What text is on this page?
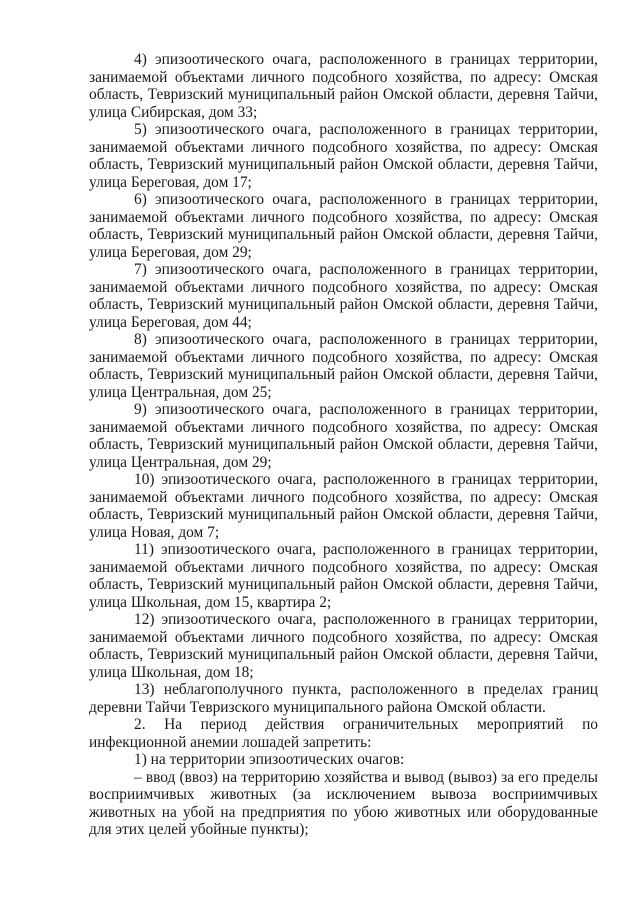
4) эпизоотического очага, расположенного в границах территории, занимаемой объектами личного подсобного хозяйства, по адресу: Омская область, Тевризский муниципальный район Омской области, деревня Тайчи, улица Сибирская, дом 33;

5) эпизоотического очага, расположенного в границах территории, занимаемой объектами личного подсобного хозяйства, по адресу: Омская область, Тевризский муниципальный район Омской области, деревня Тайчи, улица Береговая, дом 17;

6) эпизоотического очага, расположенного в границах территории, занимаемой объектами личного подсобного хозяйства, по адресу: Омская область, Тевризский муниципальный район Омской области, деревня Тайчи, улица Береговая, дом 29;

7) эпизоотического очага, расположенного в границах территории, занимаемой объектами личного подсобного хозяйства, по адресу: Омская область, Тевризский муниципальный район Омской области, деревня Тайчи, улица Береговая, дом 44;

8) эпизоотического очага, расположенного в границах территории, занимаемой объектами личного подсобного хозяйства, по адресу: Омская область, Тевризский муниципальный район Омской области, деревня Тайчи, улица Центральная, дом 25;

9) эпизоотического очага, расположенного в границах территории, занимаемой объектами личного подсобного хозяйства, по адресу: Омская область, Тевризский муниципальный район Омской области, деревня Тайчи, улица Центральная, дом 29;

10) эпизоотического очага, расположенного в границах территории, занимаемой объектами личного подсобного хозяйства, по адресу: Омская область, Тевризский муниципальный район Омской области, деревня Тайчи, улица Новая, дом 7;

11) эпизоотического очага, расположенного в границах территории, занимаемой объектами личного подсобного хозяйства, по адресу: Омская область, Тевризский муниципальный район Омской области, деревня Тайчи, улица Школьная, дом 15, квартира 2;

12) эпизоотического очага, расположенного в границах территории, занимаемой объектами личного подсобного хозяйства, по адресу: Омская область, Тевризский муниципальный район Омской области, деревня Тайчи, улица Школьная, дом 18;

13) неблагополучного пункта, расположенного в пределах границ деревни Тайчи Тевризского муниципального района Омской области.

2. На период действия ограничительных мероприятий по инфекционной анемии лошадей запретить:

1) на территории эпизоотических очагов:

– ввод (ввоз) на территорию хозяйства и вывод (вывоз) за его пределы восприимчивых животных (за исключением вывоза восприимчивых животных на убой на предприятия по убою животных или оборудованные для этих целей убойные пункты);
